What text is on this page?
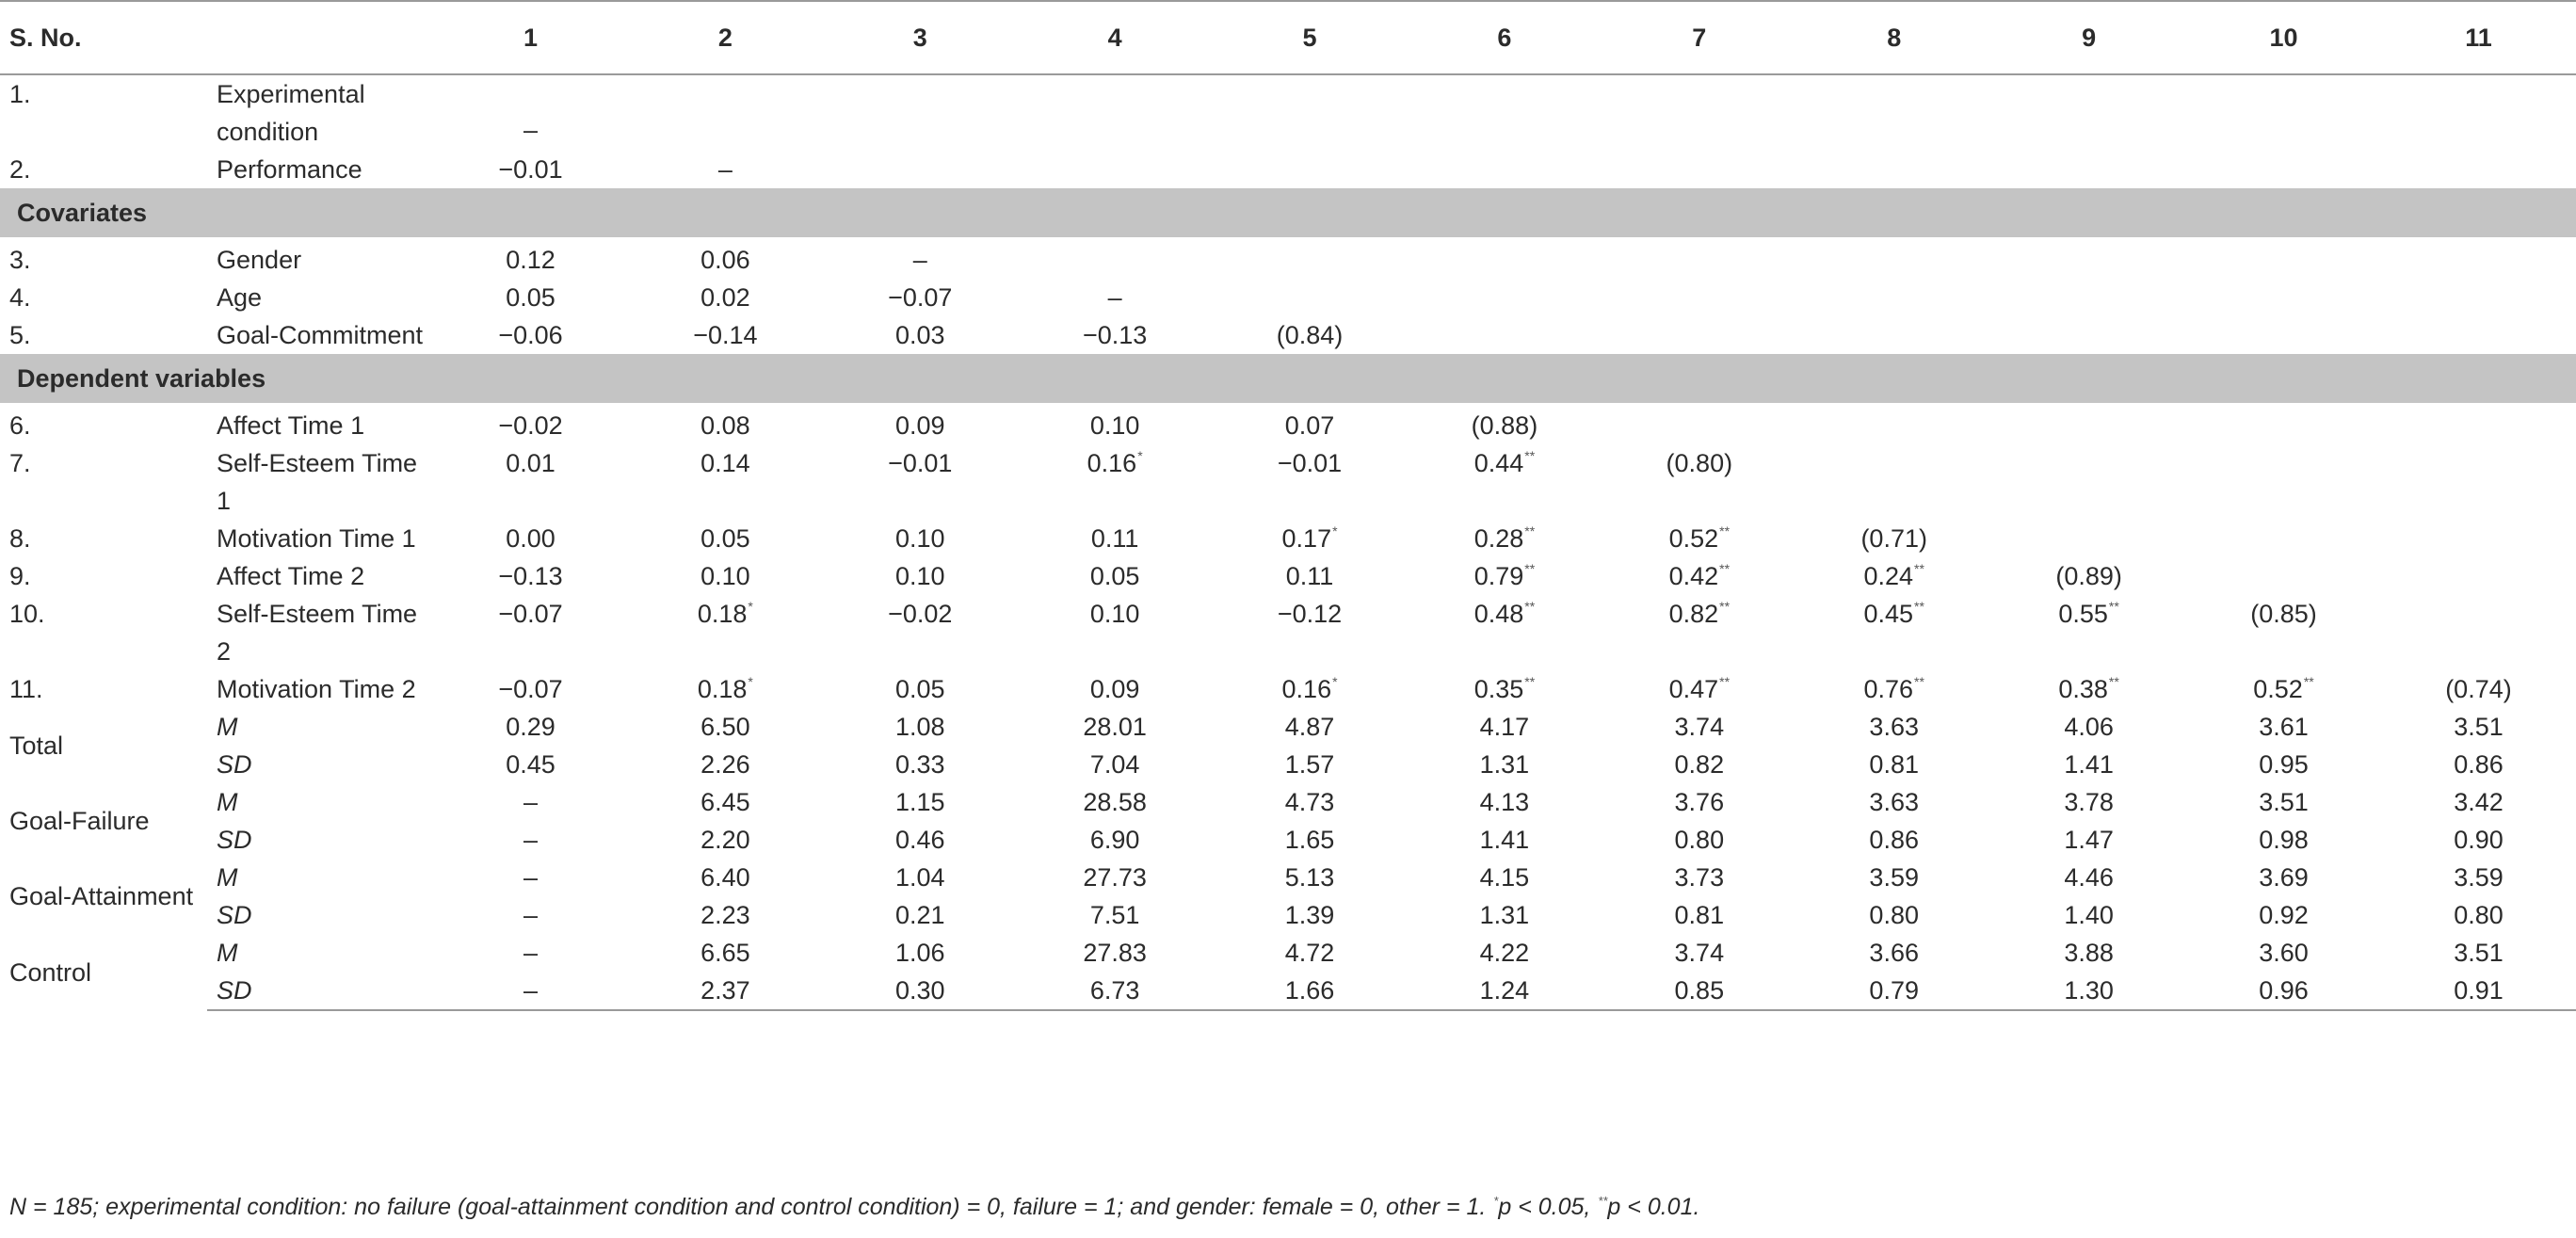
S. No.		1	2	3	4	5	6	7	8	9	10	11
1.	Experimental condition	–										
2.	Performance	−0.01	–									
Covariates												
3.	Gender	0.12	0.06	–								
4.	Age	0.05	0.02	−0.07	–							
5.	Goal-Commitment	−0.06	−0.14	0.03	−0.13	(0.84)						
Dependent variables												
6.	Affect Time 1	−0.02	0.08	0.09	0.10	0.07	(0.88)					
7.	Self-Esteem Time 1	0.01	0.14	−0.01	0.16*	−0.01	0.44**	(0.80)				
8.	Motivation Time 1	0.00	0.05	0.10	0.11	0.17*	0.28**	0.52**	(0.71)			
9.	Affect Time 2	−0.13	0.10	0.10	0.05	0.11	0.79**	0.42**	0.24**	(0.89)		
10.	Self-Esteem Time 2	−0.07	0.18*	−0.02	0.10	−0.12	0.48**	0.82**	0.45**	0.55**	(0.85)	
11.	Motivation Time 2	−0.07	0.18*	0.05	0.09	0.16*	0.35**	0.47**	0.76**	0.38**	0.52**	(0.74)
Total	M	0.29	6.50	1.08	28.01	4.87	4.17	3.74	3.63	4.06	3.61	3.51
	SD	0.45	2.26	0.33	7.04	1.57	1.31	0.82	0.81	1.41	0.95	0.86
Goal-Failure	M	–	6.45	1.15	28.58	4.73	4.13	3.76	3.63	3.78	3.51	3.42
	SD	–	2.20	0.46	6.90	1.65	1.41	0.80	0.86	1.47	0.98	0.90
Goal-Attainment	M	–	6.40	1.04	27.73	5.13	4.15	3.73	3.59	4.46	3.69	3.59
	SD	–	2.23	0.21	7.51	1.39	1.31	0.81	0.80	1.40	0.92	0.80
Control	M	–	6.65	1.06	27.83	4.72	4.22	3.74	3.66	3.88	3.60	3.51
	SD	–	2.37	0.30	6.73	1.66	1.24	0.85	0.79	1.30	0.96	0.91
N = 185; experimental condition: no failure (goal-attainment condition and control condition) = 0, failure = 1; and gender: female = 0, other = 1. *p < 0.05, **p < 0.01.
